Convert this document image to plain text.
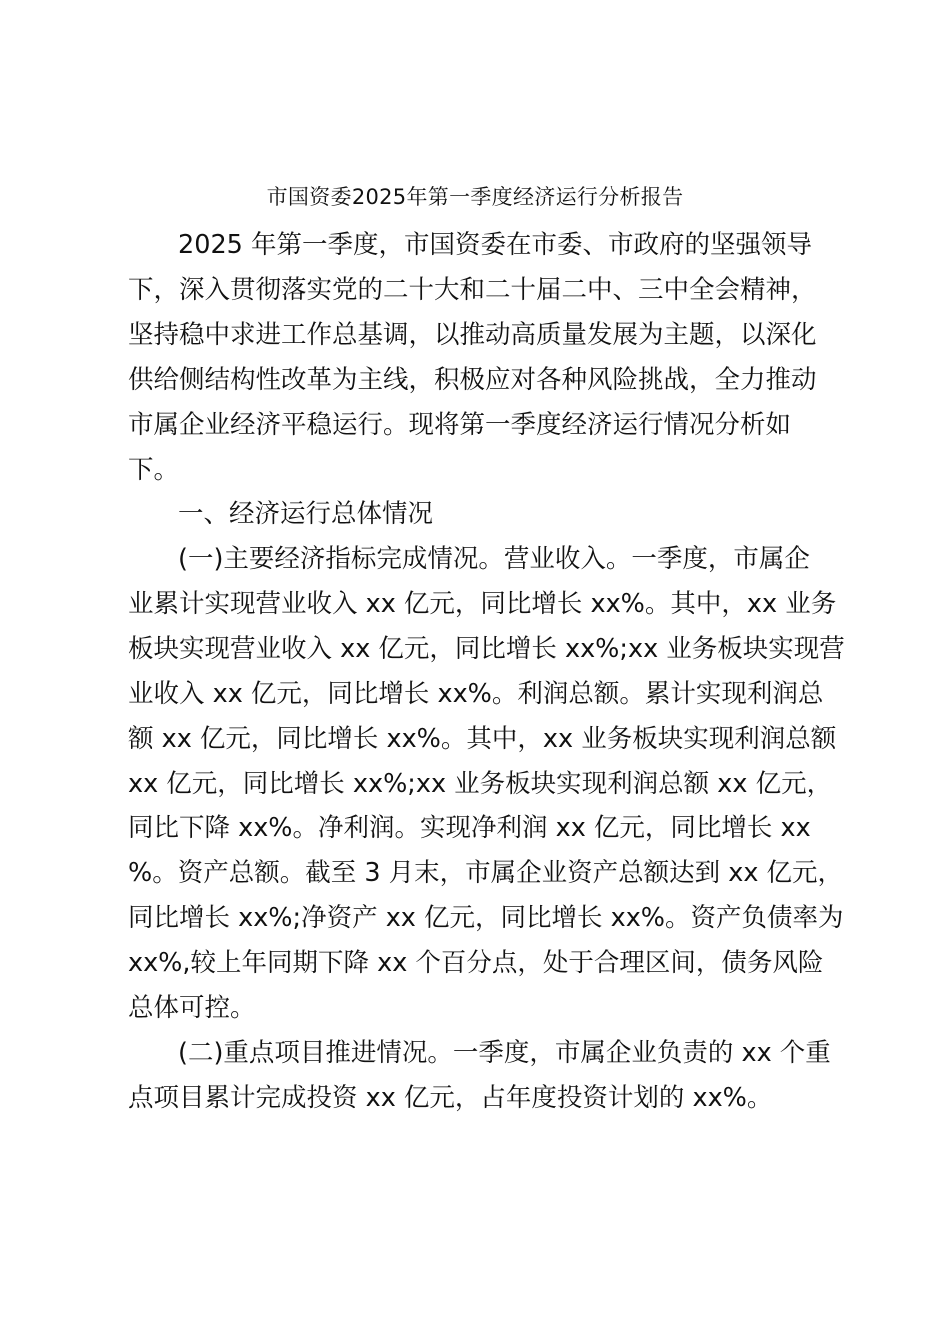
市国资委2025年第一季度经济运行分析报告
2025 年第一季度，市国资委在市委、市政府的坚强领导
下，深入贯彻落实党的二十大和二十届二中、三中全会精神，
坚持稳中求进工作总基调，以推动高质量发展为主题，以深化
供给侧结构性改革为主线，积极应对各种风险挑战，全力推动
市属企业经济平稳运行。现将第一季度经济运行情况分析如
下。
一、经济运行总体情况
(一)主要经济指标完成情况。营业收入。一季度，市属企
业累计实现营业收入 xx 亿元，同比增长 xx%。其中，xx 业务
板块实现营业收入 xx 亿元，同比增长 xx%;xx 业务板块实现营
业收入 xx 亿元，同比增长 xx%。利润总额。累计实现利润总
额 xx 亿元，同比增长 xx%。其中，xx 业务板块实现利润总额
xx 亿元，同比增长 xx%;xx 业务板块实现利润总额 xx 亿元，
同比下降 xx%。净利润。实现净利润 xx 亿元，同比增长 xx
%。资产总额。截至 3 月末，市属企业资产总额达到 xx 亿元，
同比增长 xx%;净资产 xx 亿元，同比增长 xx%。资产负债率为
xx%,较上年同期下降 xx 个百分点，处于合理区间，债务风险
总体可控。
(二)重点项目推进情况。一季度，市属企业负责的 xx 个重
点项目累计完成投资 xx 亿元，占年度投资计划的 xx%。
